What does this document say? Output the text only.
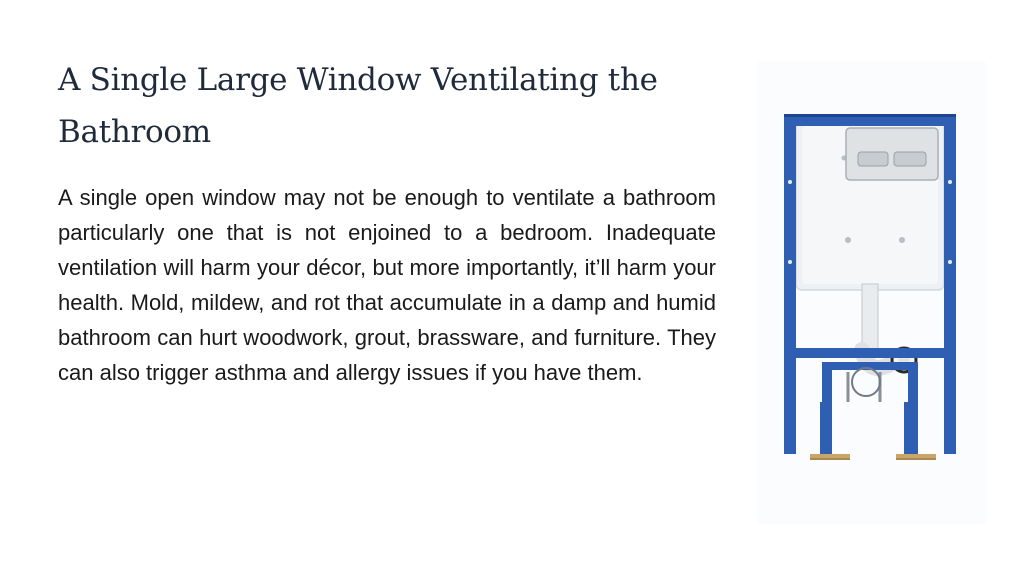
A Single Large Window Ventilating the Bathroom

A single open window may not be enough to ventilate a bathroom particularly one that is not enjoined to a bedroom. Inadequate ventilation will harm your décor, but more importantly, it’ll harm your health. Mold, mildew, and rot that accumulate in a damp and humid bathroom can hurt woodwork, grout, brassware, and furniture. They can also trigger asthma and allergy issues if you have them.
